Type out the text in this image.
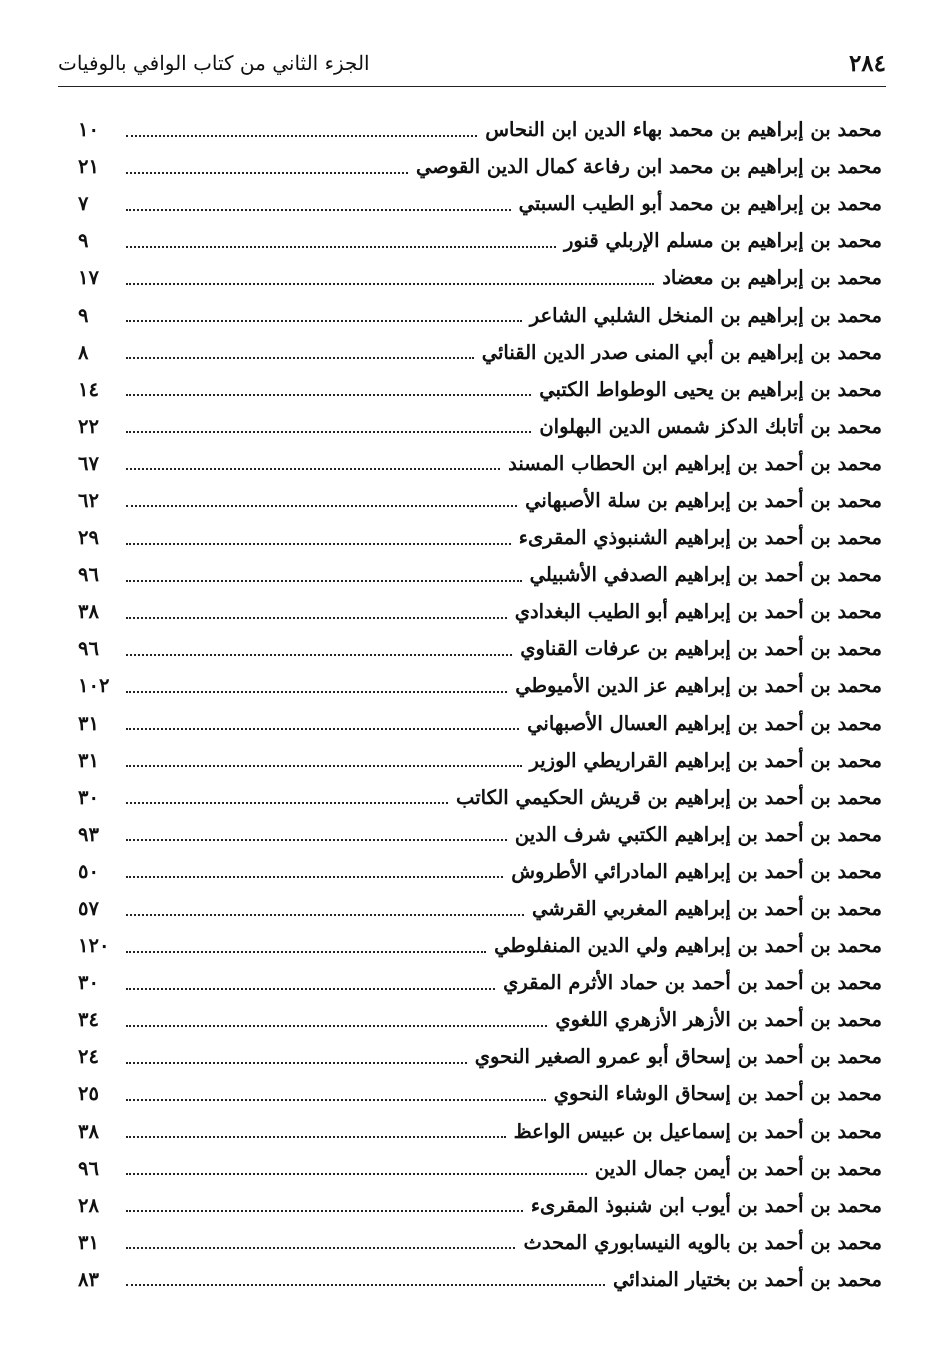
٢٨٤
الجزء الثاني من كتاب الوافي بالوفيات
محمد بن إبراهيم بن محمد بهاء الدين ابن النحاس
١٠
محمد بن إبراهيم بن محمد ابن رفاعة كمال الدين القوصي
٢١
محمد بن إبراهيم بن محمد أبو الطيب السبتي
٧
محمد بن إبراهيم بن مسلم الإربلي قنور
٩
محمد بن إبراهيم بن معضاد
١٧
محمد بن إبراهيم بن المنخل الشلبي الشاعر
٩
محمد بن إبراهيم بن أبي المنى صدر الدين القنائي
٨
محمد بن إبراهيم بن يحيى الوطواط الكتبي
١٤
محمد بن أتابك الدكز شمس الدين البهلوان
٢٢
محمد بن أحمد بن إبراهيم ابن الحطاب المسند
٦٧
محمد بن أحمد بن إبراهيم بن سلة الأصبهاني
٦٢
محمد بن أحمد بن إبراهيم الشنبوذي المقرىء
٢٩
محمد بن أحمد بن إبراهيم الصدفي الأشبيلي
٩٦
محمد بن أحمد بن إبراهيم أبو الطيب البغدادي
٣٨
محمد بن أحمد بن إبراهيم بن عرفات القناوي
٩٦
محمد بن أحمد بن إبراهيم عز الدين الأميوطي
١٠٢
محمد بن أحمد بن إبراهيم العسال الأصبهاني
٣١
محمد بن أحمد بن إبراهيم القراريطي الوزير
٣١
محمد بن أحمد بن إبراهيم بن قريش الحكيمي الكاتب
٣٠
محمد بن أحمد بن إبراهيم الكتبي شرف الدين
٩٣
محمد بن أحمد بن إبراهيم المادرائي الأطروش
٥٠
محمد بن أحمد بن إبراهيم المغربي القرشي
٥٧
محمد بن أحمد بن إبراهيم ولي الدين المنفلوطي
١٢٠
محمد بن أحمد بن أحمد بن حماد الأثرم المقري
٣٠
محمد بن أحمد بن الأزهر الأزهري اللغوي
٣٤
محمد بن أحمد بن إسحاق أبو عمرو الصغير النحوي
٢٤
محمد بن أحمد بن إسحاق الوشاء النحوي
٢٥
محمد بن أحمد بن إسماعيل بن عبيس الواعظ
٣٨
محمد بن أحمد بن أيمن جمال الدين
٩٦
محمد بن أحمد بن أيوب ابن شنبوذ المقرىء
٢٨
محمد بن أحمد بن بالويه النيسابوري المحدث
٣١
محمد بن أحمد بن بختيار المندائي
٨٣
